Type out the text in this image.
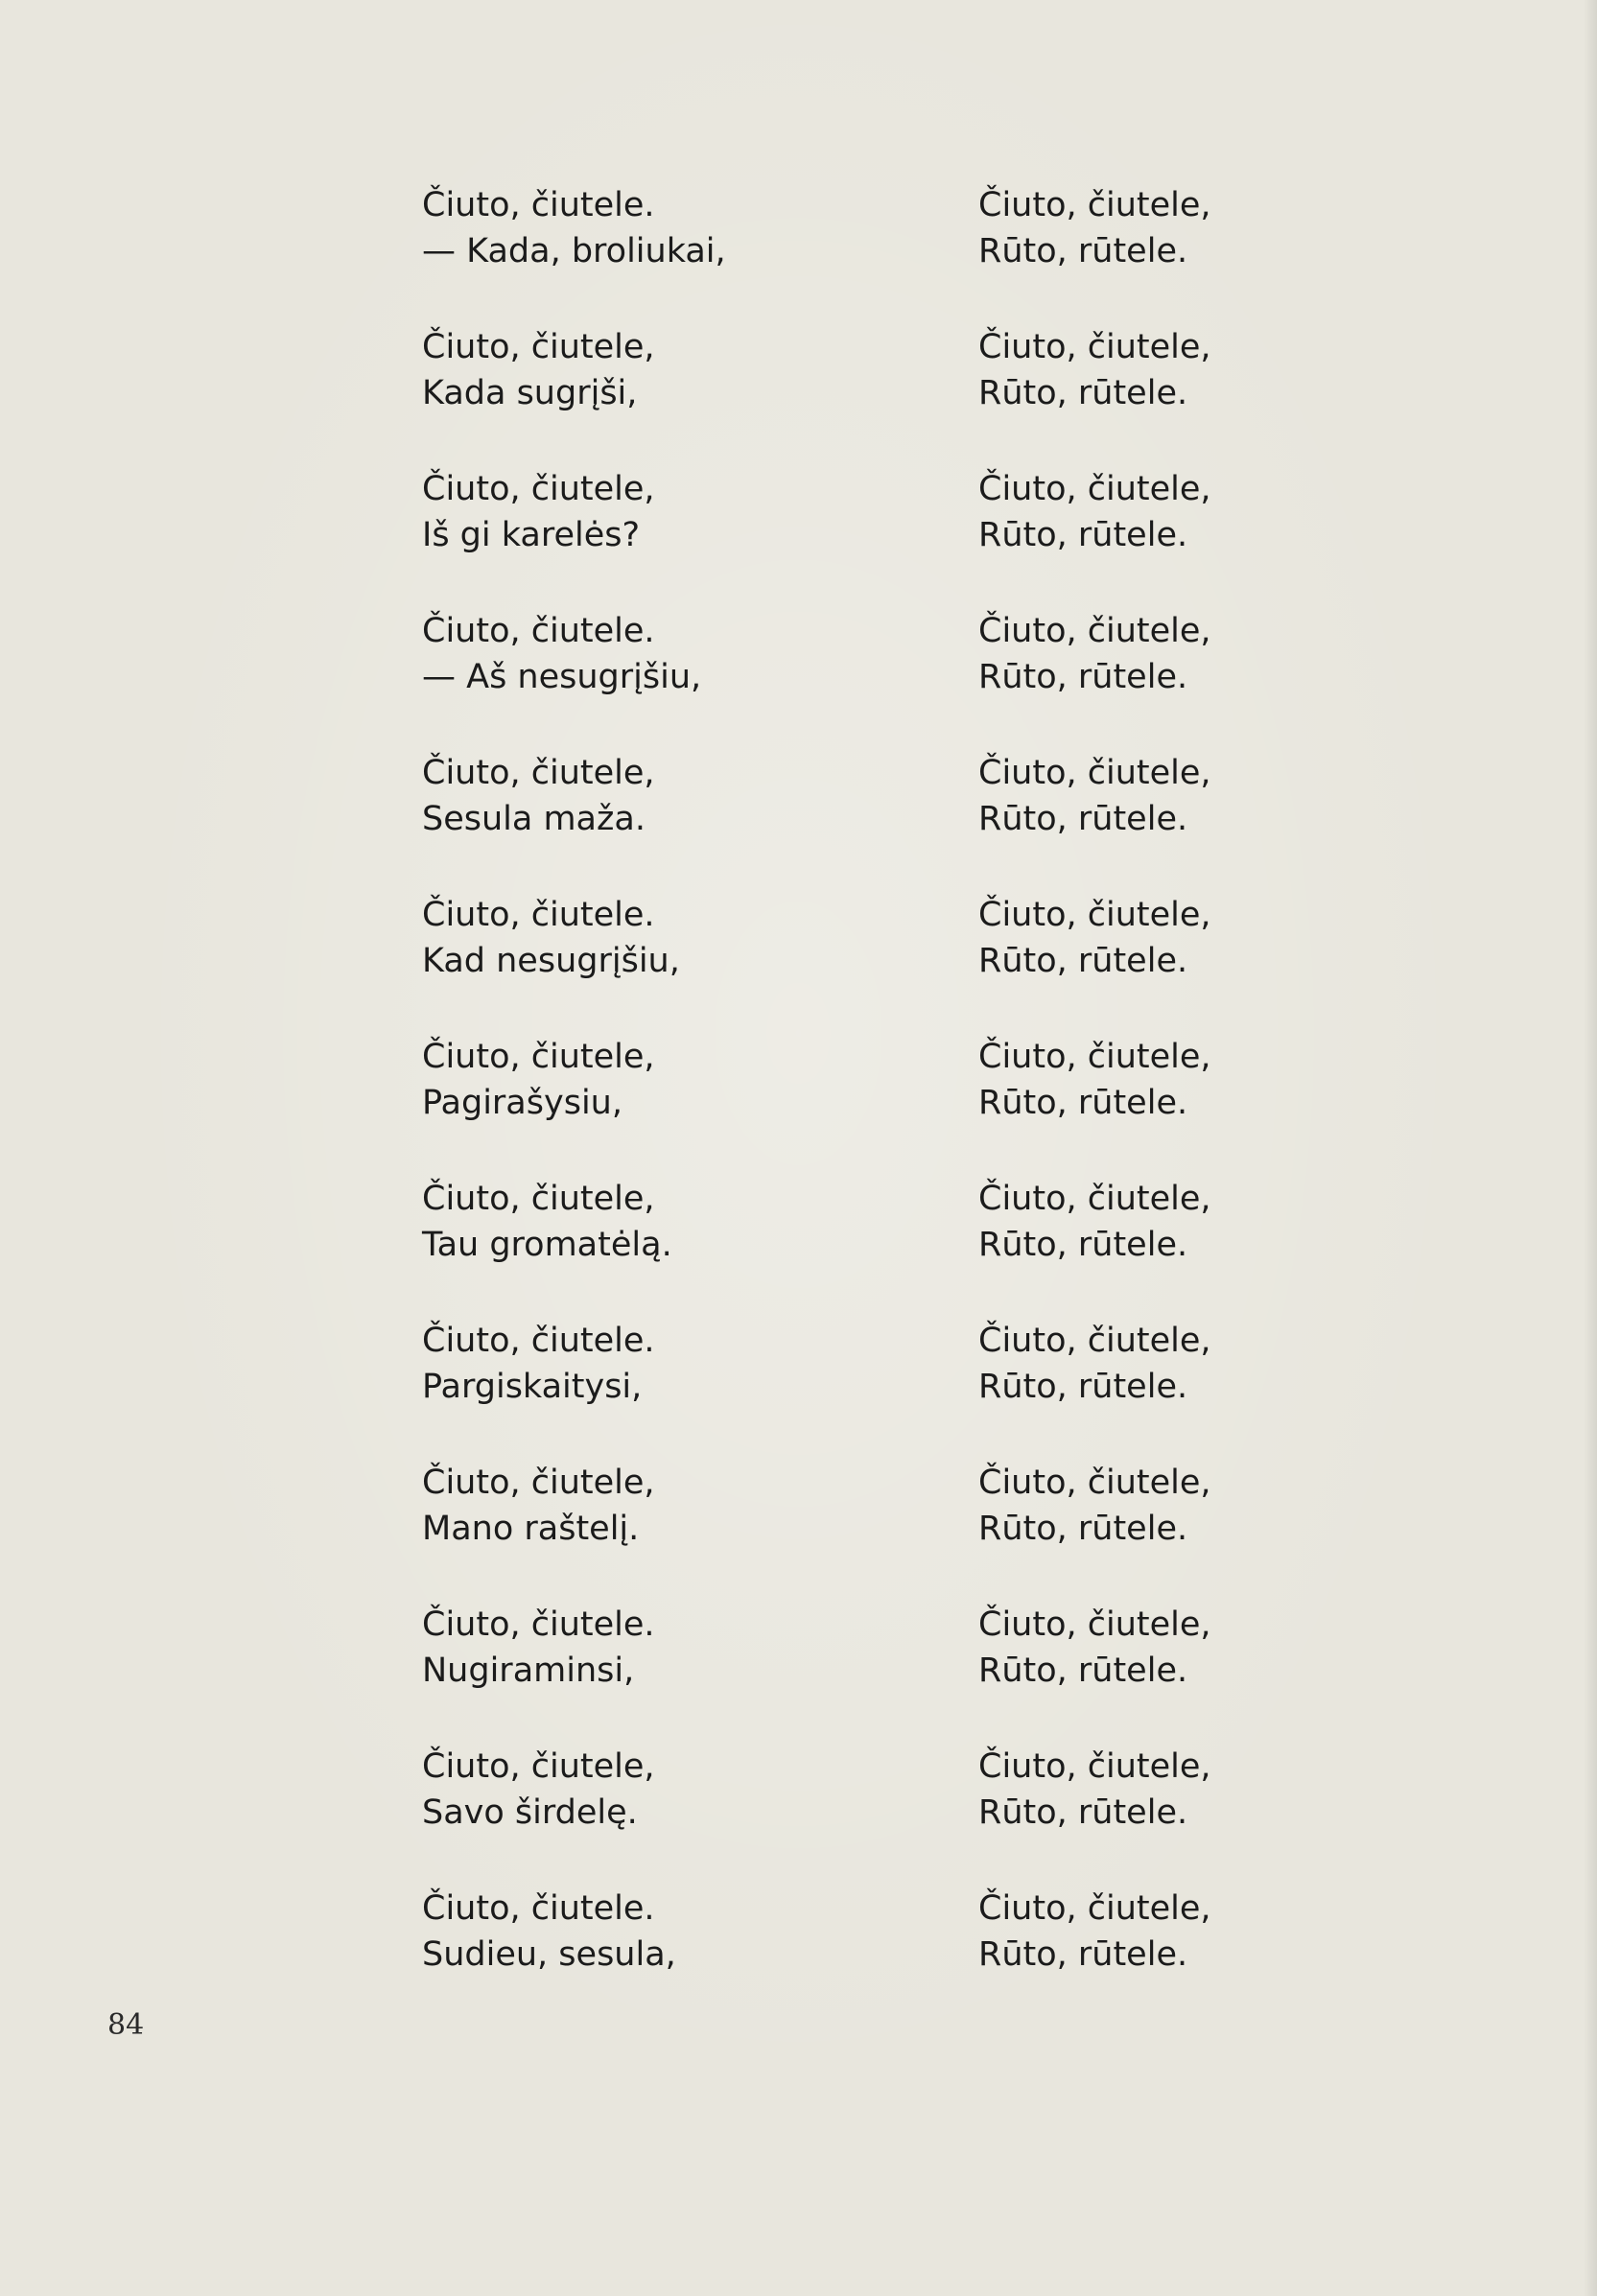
Čiuto, čiutele.
— Kada, broliukai,
Čiuto, čiutele,
Kada sugrįši,
Čiuto, čiutele,
Iš gi karelės?
Čiuto, čiutele.
— Aš nesugrįšiu,
Čiuto, čiutele,
Sesula maža.
Čiuto, čiutele.
Kad nesugrįšiu,
Čiuto, čiutele,
Pagirašysiu,
Čiuto, čiutele,
Tau gromatėlą.
Čiuto, čiutele.
Pargiskaitysi,
Čiuto, čiutele,
Mano raštelį.
Čiuto, čiutele.
Nugiraminsi,
Čiuto, čiutele,
Savo širdelę.
Čiuto, čiutele.
Sudieu, sesula,
Čiuto, čiutele,
Rūto, rūtele.
Čiuto, čiutele,
Rūto, rūtele.
Čiuto, čiutele,
Rūto, rūtele.
Čiuto, čiutele,
Rūto, rūtele.
Čiuto, čiutele,
Rūto, rūtele.
Čiuto, čiutele,
Rūto, rūtele.
Čiuto, čiutele,
Rūto, rūtele.
Čiuto, čiutele,
Rūto, rūtele.
Čiuto, čiutele,
Rūto, rūtele.
Čiuto, čiutele,
Rūto, rūtele.
Čiuto, čiutele,
Rūto, rūtele.
Čiuto, čiutele,
Rūto, rūtele.
Čiuto, čiutele,
Rūto, rūtele.
84
